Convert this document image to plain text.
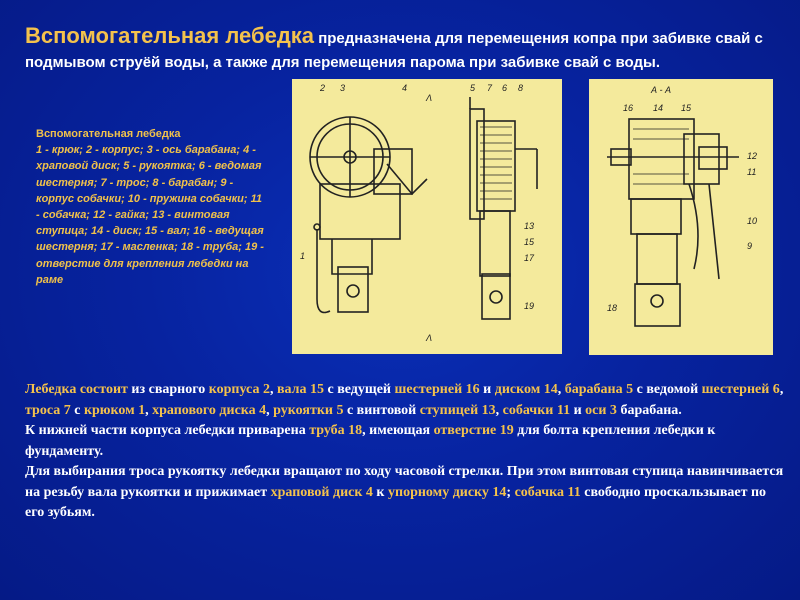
Вспомогательная лебедка предназначена для перемещения копра при забивке свай с подмывом струёй воды, а также для перемещения парома при забивке свай с воды.
Вспомогательная лебедка
1 - крюк; 2 - корпус; 3 - ось барабана; 4 - храповой диск; 5 - рукоятка; 6 - ведомая шестерня; 7 - трос; 8 - барабан; 9 - корпус собачки; 10 - пружина собачки; 11 - собачка; 12 - гайка; 13 - винтовая ступица; 14 - диск; 15 - вал; 16 - ведущая шестерня; 17 - масленка; 18 - труба; 19 - отверстие для крепления лебедки на раме
2 3	4	5 7 6 8
1
13
15
17
19
Λ
Λ
А - А
16 14 15
12
11
10
9
18

Лебедка состоит из сварного корпуса 2, вала 15 с ведущей шестерней 16 и диском 14, барабана 5 с ведомой шестерней 6, троса 7 с крюком 1, храпового диска 4, рукоятки 5 с винтовой ступицей 13, собачки 11 и оси 3 барабана.

К нижней части корпуса лебедки приварена труба 18, имеющая отверстие 19 для болта крепления лебедки к фундаменту.

Для выбирания троса рукоятку лебедки вращают по ходу часовой стрелки. При этом винтовая ступица навинчивается на резьбу вала рукоятки и прижимает храповой диск 4 к упорному диску 14; собачка 11 свободно проскальзывает по его зубьям.
